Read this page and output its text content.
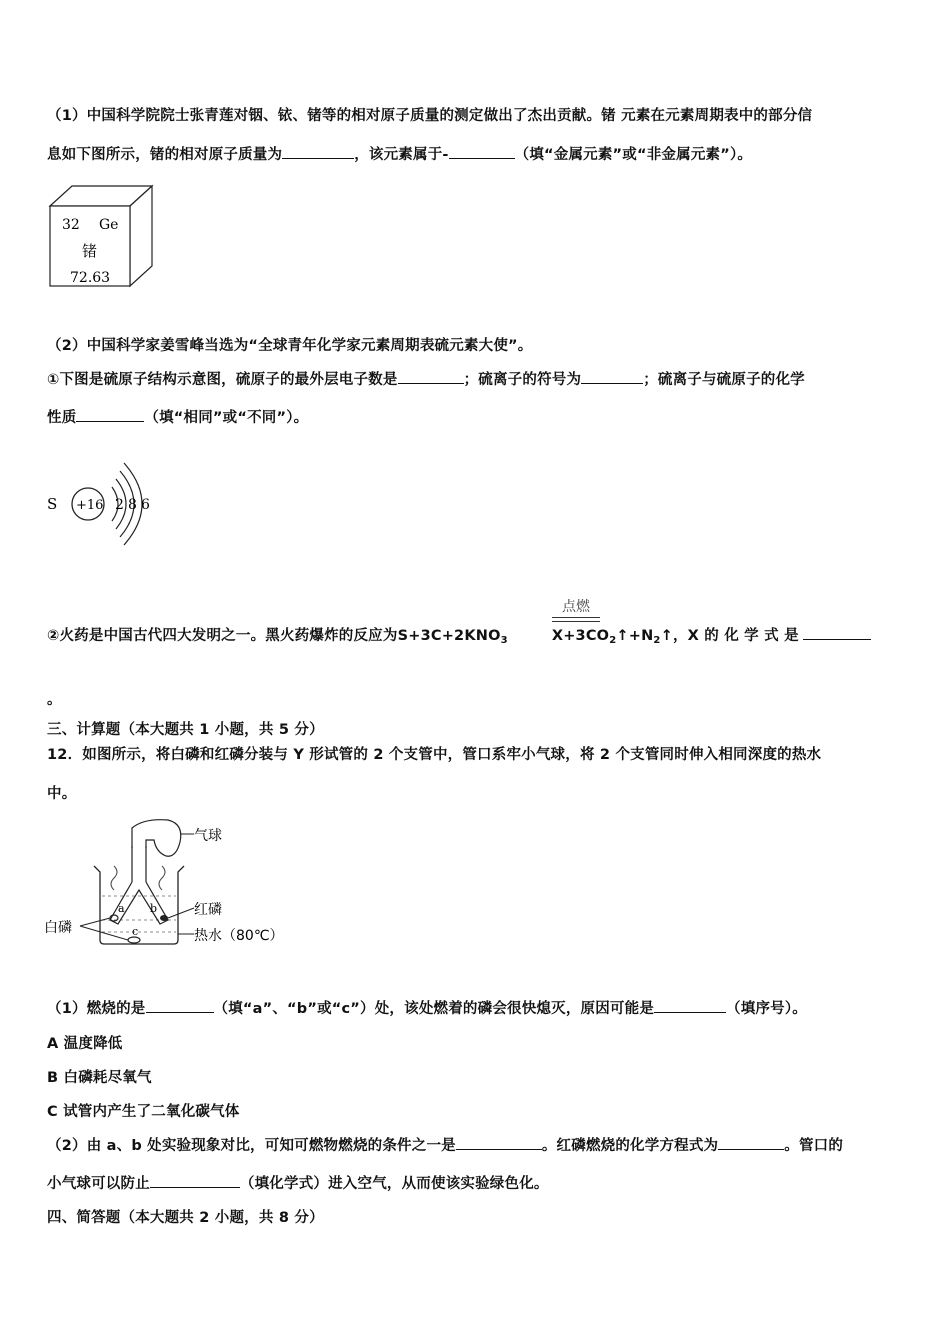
（1）中国科学院院士张青莲对铟、铱、锗等的相对原子质量的测定做出了杰出贡献。锗 元素在元素周期表中的部分信
息如下图所示，锗的相对原子质量为	，该元素属于-	（填“金属元素”或“非金属元素”）。
32 Ge
锗
72.63
（2）中国科学家姜雪峰当选为“全球青年化学家元素周期表硫元素大使”。
①下图是硫原子结构示意图，硫原子的最外层电子数是	；硫离子的符号为	；硫离子与硫原子的化学
性质	（填“相同”或“不同”）。
S +16 2 8 6
点燃
②火药是中国古代四大发明之一。黑火药爆炸的反应为$S+3C+2KNO_3$	$X+3CO_2↑+N_2↑$，X 的 化 学 式 是
。
三、计算题（本大题共 1 小题，共 5 分）
12．如图所示，将白磷和红磷分装与 Y 形试管的 2 个支管中，管口系牢小气球，将 2 个支管同时伸入相同深度的热水
中。
气球
a b
c
红磷
热水（80℃）
白磷
（1）燃烧的是	（填“a”、“b”或“c”）处，该处燃着的磷会很快熄灭，原因可能是	（填序号）。
A 温度降低
B 白磷耗尽氧气
C 试管内产生了二氧化碳气体
（2）由 a、b 处实验现象对比，可知可燃物燃烧的条件之一是	。红磷燃烧的化学方程式为	。管口的
小气球可以防止	（填化学式）进入空气，从而使该实验绿色化。
四、简答题（本大题共 2 小题，共 8 分）
